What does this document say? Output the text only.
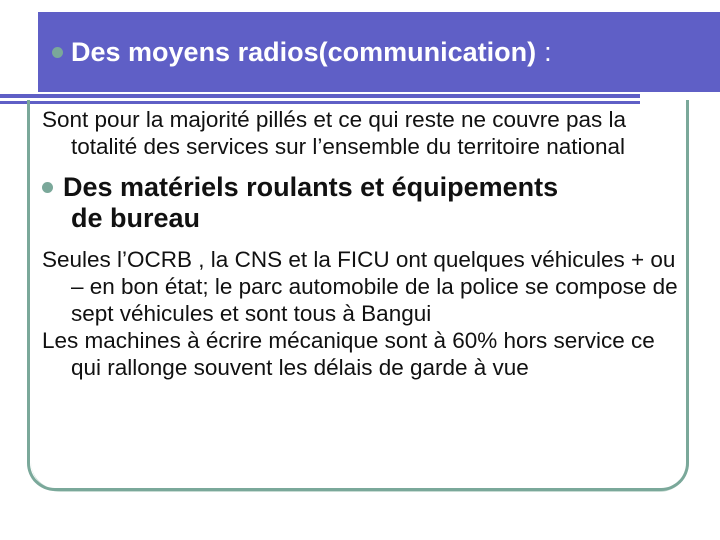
Des moyens radios(communication) :
Sont pour la majorité pillés et ce qui reste ne couvre pas la totalité des services sur l’ensemble du territoire national
Des matériels roulants et équipements
de bureau
Seules l’OCRB , la CNS et la FICU ont quelques véhicules + ou – en bon état; le parc automobile de la police se compose de sept véhicules et sont tous à Bangui
Les machines à écrire mécanique sont à 60% hors service ce qui rallonge souvent les délais de garde à vue
